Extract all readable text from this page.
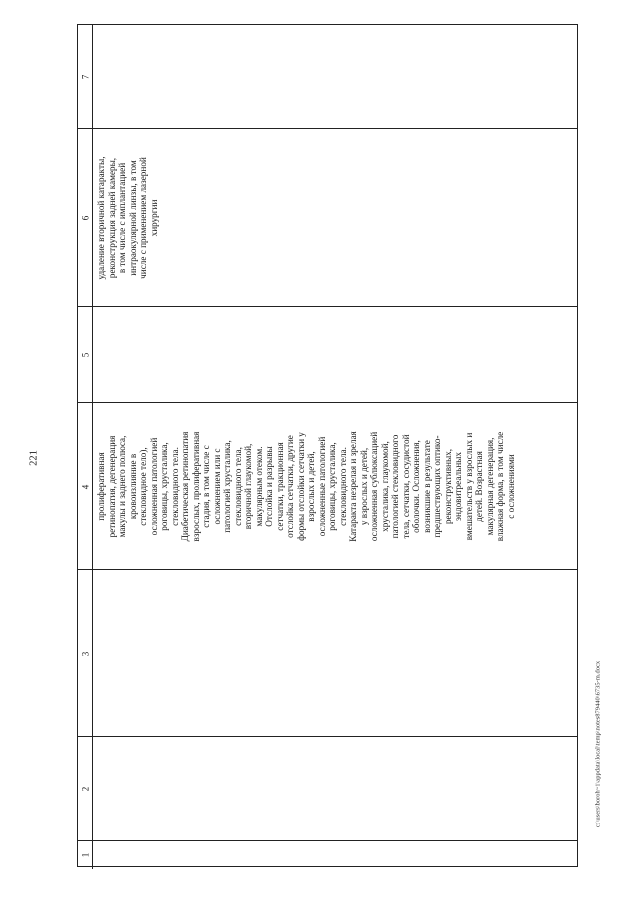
221
7
6 удаление вторичной катаракты, реконструкция задней камеры, в том числе с имплантацией интраокулярной линзы, в том числе с применением лазерной хирургии
5
4 пролиферативная ретинопатия, дегенерация макулы и заднего полюса, кровоизлияние в стекловидное тело), осложненная патологией роговицы, хрусталика, стекловидного тела. Диабетическая ретинопатия взрослых, пролиферативная стадия, в том числе с осложнением или с патологией хрусталика, стекловидного тела, вторичной глаукомой, макулярным отеком. Отслойка и разрывы сетчатки, тракционная отслойка сетчатки, другие формы отслойки сетчатки у взрослых и детей, осложненные патологией роговицы, хрусталика, стекловидного тела. Катаракта незрелая и зрелая у взрослых и детей, осложненная сублюксацией хрусталика, глаукомой, патологией стекловидного тела, сетчатки, сосудистой оболочки. Осложнения, возникшие в результате предшествующих оптико- реконструктивных, эндовитреальных вмешательств у взрослых и детей. Возрастная макулярная дегенерация, влажная форма, в том числе с осложнениями
3
2
1
c:\users\boroh~1\appdata\local\temp\notes879440\6735-m.docx
